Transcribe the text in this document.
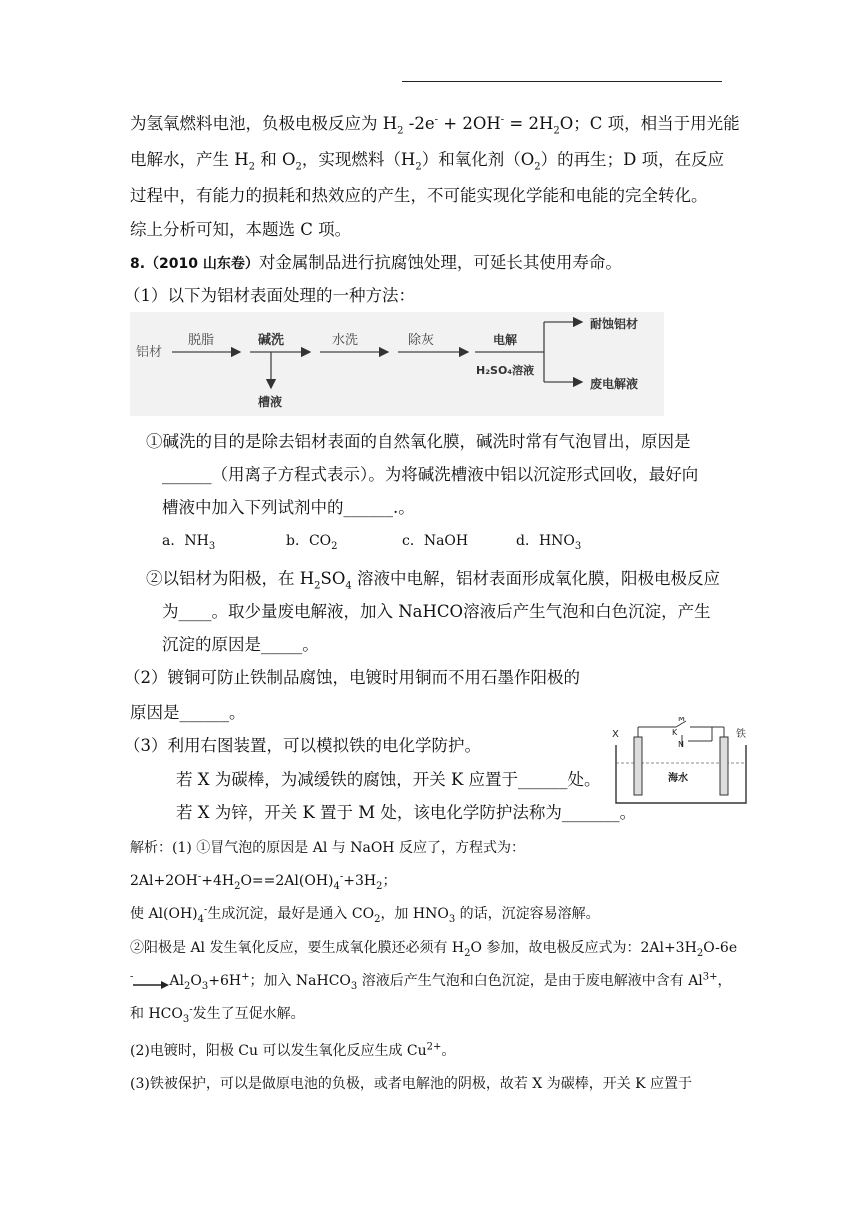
为氢氧燃料电池，负极电极反应为 $H_2$ $-2e^- + 2OH^- = 2H_2O$；C 项，相当于用光能
电解水，产生 $H_2$ 和 $O_2$，实现燃料$(H_2)$和氧化剂$(O_2)$的再生；D 项，在反应
过程中，有能力的损耗和热效应的产生，不可能实现化学能和电能的完全转化。
综上分析可知，本题选 C 项。
8.（2010 山东卷）对金属制品进行抗腐蚀处理，可延长其使用寿命。
（1）以下为铝材表面处理的一种方法：
铝材
脱脂	碱洗
槽液
水洗	除灰	电解
H₂SO₄溶液
耐蚀铝材
废电解液
①碱洗的目的是除去铝材表面的自然氧化膜，碱洗时常有气泡冒出，原因是
______（用离子方程式表示）。为将碱洗槽液中铝以沉淀形式回收，最好向
槽液中加入下列试剂中的______.。
a．$NH_3$	b．$CO_2$	c．NaOH	d．$HNO_3$
②以铝材为阳极，在 $H_2SO_4$ 溶液中电解，铝材表面形成氧化膜，阳极电极反应
为____。取少量废电解液，加入 NaHCO溶液后产生气泡和白色沉淀，产生
沉淀的原因是_____。
（2）镀铜可防止铁制品腐蚀，电镀时用铜而不用石墨作阳极的
原因是______。
（3）利用右图装置，可以模拟铁的电化学防护。
若 X 为碳棒，为减缓铁的腐蚀，开关 K 应置于______处。
若 X 为锌，开关 K 置于 M 处，该电化学防护法称为_______。
M
K
N
X	铁
海水
解析：(1) ①冒气泡的原因是 Al 与 NaOH 反应了，方程式为：
$2Al+2OH^-+4H_2O==2Al(OH)_4^-+3H_2$；
使 $Al(OH)_4^-$生成沉淀，最好是通入 $CO_2$，加 $HNO_3$ 的话，沉淀容易溶解。
②阳极是 Al 发生氧化反应，要生成氧化膜还必须有 $H_2O$ 参加，故电极反应式为：$2Al+3H_2O-6e$
$^-\to Al_2O_3+6H^+$；加入 NaHCO$_3$ 溶液后产生气泡和白色沉淀，是由于废电解液中含有 $Al^{3+}$，
和 $HCO_3^-$发生了互促水解。
(2)电镀时，阳极 Cu 可以发生氧化反应生成 $Cu^{2+}$。
(3)铁被保护，可以是做原电池的负极，或者电解池的阴极，故若 X 为碳棒，开关 K 应置于
